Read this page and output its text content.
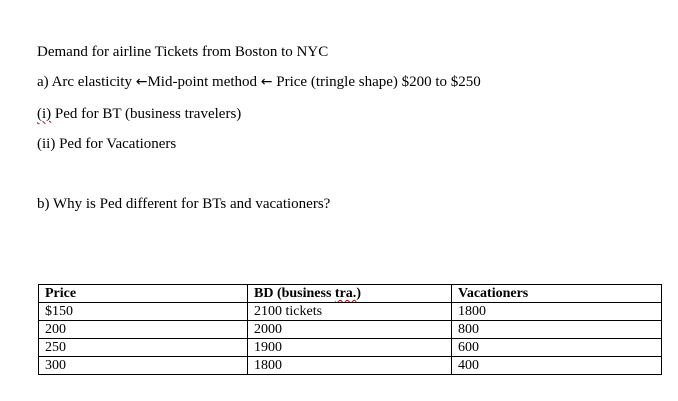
Demand for airline Tickets from Boston to NYC
a) Arc elasticity ←Mid-point method ← Price (tringle shape) $200 to $250
(i) Ped for BT (business travelers)
(ii) Ped for Vacationers
b) Why is Ped different for BTs and vacationers?
Price	BD (business tra.)	Vacationers
$150	2100 tickets	1800
200	2000	800
250	1900	600
300	1800	400
